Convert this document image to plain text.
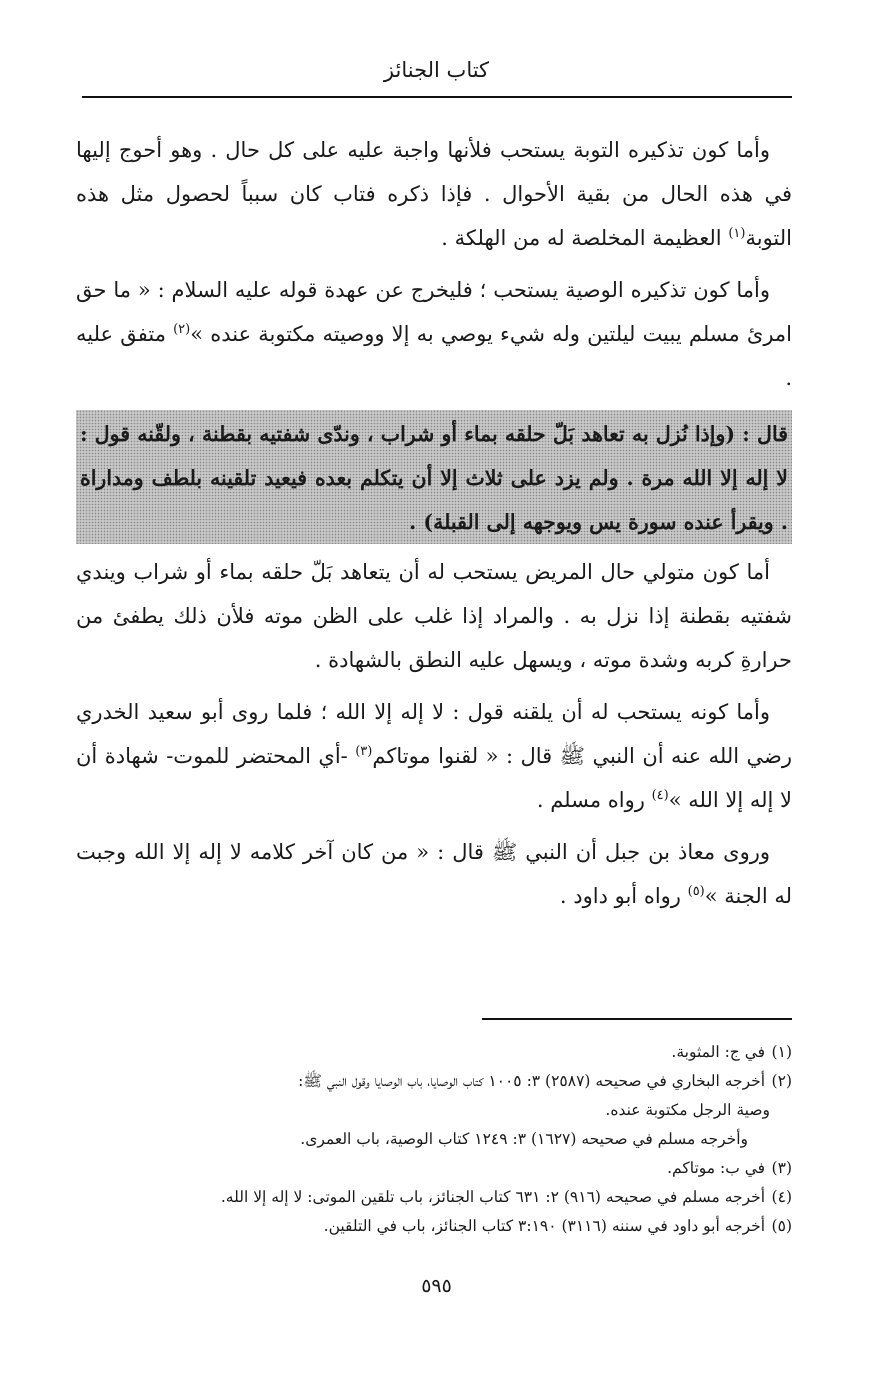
كتاب الجنائز

وأما كون تذكيره التوبة يستحب فلأنها واجبة عليه على كل حال . وهو أحوج إليها في هذه الحال من بقية الأحوال . فإذا ذكره فتاب كان سبباً لحصول مثل هذه التوبة$^{(١)}$ العظيمة المخلصة له من الهلكة .

وأما كون تذكيره الوصية يستحب ؛ فليخرج عن عهدة قوله عليه السلام : « ما حق امرئ مسلم يبيت ليلتين وله شيء يوصي به إلا ووصيته مكتوبة عنده »$^{(٢)}$ متفق عليه .

قال : (وإذا نُزل به تعاهد بَلّ حلقه بماء أو شراب ، وندّى شفتيه بقطنة ، ولقّنه قول : لا إله إلا الله مرة . ولم يزد على ثلاث إلا أن يتكلم بعده فيعيد تلقينه بلطف ومداراة . ويقرأ عنده سورة يس ويوجهه إلى القبلة) .

أما كون متولي حال المريض يستحب له أن يتعاهد بَلّ حلقه بماء أو شراب ويندي شفتيه بقطنة إذا نزل به . والمراد إذا غلب على الظن موته فلأن ذلك يطفئ من حرارةِ كربه وشدة موته ، ويسهل عليه النطق بالشهادة .

وأما كونه يستحب له أن يلقنه قول : لا إله إلا الله ؛ فلما روى أبو سعيد الخدري رضي الله عنه أن النبي ﷺ قال : « لقنوا موتاكم$^{(٣)}$ -أي المحتضر للموت- شهادة أن لا إله إلا الله »$^{(٤)}$ رواه مسلم .

وروى معاذ بن جبل أن النبي ﷺ قال : « من كان آخر كلامه لا إله إلا الله وجبت له الجنة »$^{(٥)}$ رواه أبو داود .

(١) في ج: المثوبة.

(٢) أخرجه البخاري في صحيحه (٢٥٨٧) ٣: ١٠٠٥ كتاب الوصايا، باب الوصايا وقول النبي ﷺ:

وصية الرجل مكتوبة عنده.

وأخرجه مسلم في صحيحه (١٦٢٧) ٣: ١٢٤٩ كتاب الوصية، باب العمرى.

(٣) في ب: موتاكم.

(٤) أخرجه مسلم في صحيحه (٩١٦) ٢: ٦٣١ كتاب الجنائز، باب تلقين الموتى: لا إله إلا الله.

(٥) أخرجه أبو داود في سننه (٣١١٦) ٣:١٩٠ كتاب الجنائز، باب في التلقين.

٥٩٥
